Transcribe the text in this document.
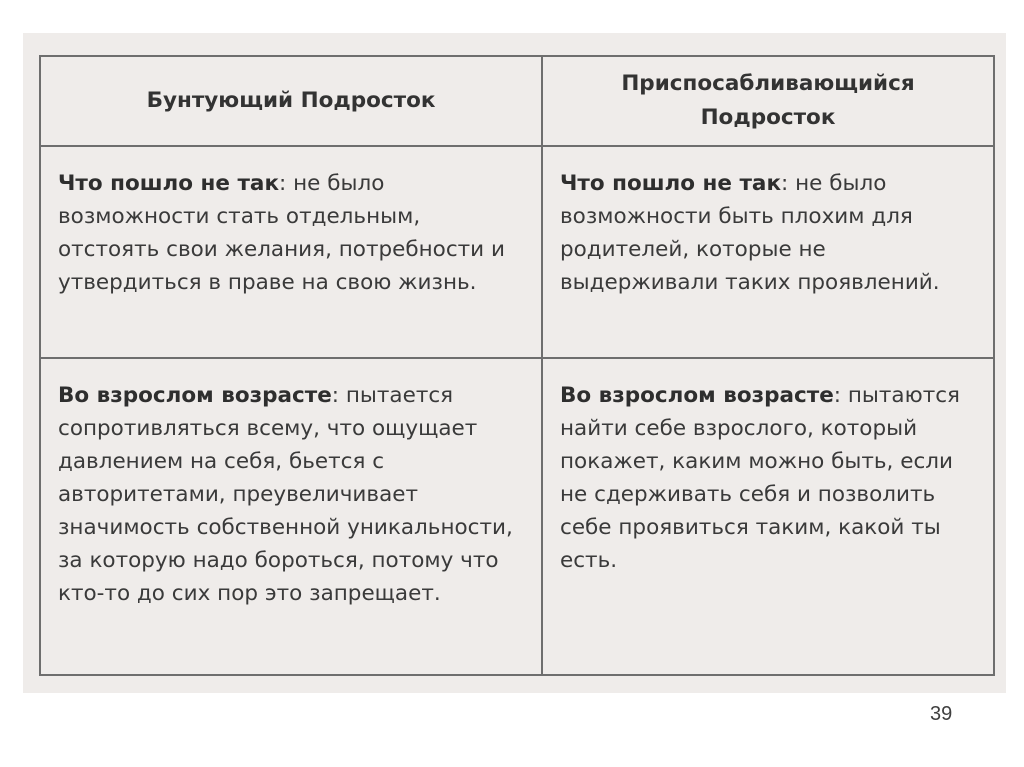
Бунтующий Подросток	Приспосабливающийся Подросток
Что пошло не так: не было возможности стать отдельным, отстоять свои желания, потребности и утвердиться в праве на свою жизнь.	Что пошло не так: не было возможности быть плохим для родителей, которые не выдерживали таких проявлений.
Во взрослом возрасте: пытается сопротивляться всему, что ощущает давлением на себя, бьется с авторитетами, преувеличивает значимость собственной уникальности, за которую надо бороться, потому что кто-то до сих пор это запрещает.	Во взрослом возрасте: пытаются найти себе взрослого, который покажет, каким можно быть, если не сдерживать себя и позволить себе проявиться таким, какой ты есть.
39
